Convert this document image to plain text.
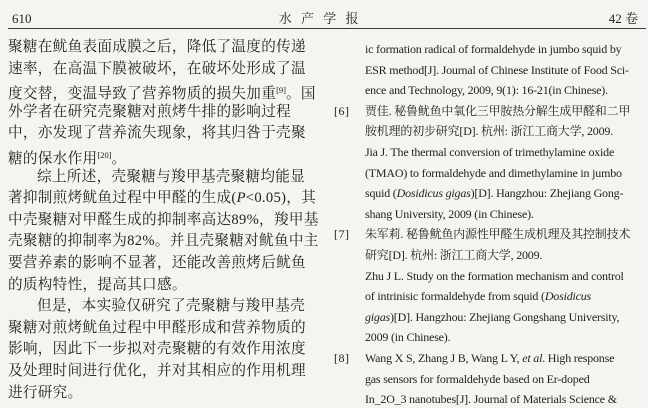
610	水 产 学 报	42 卷
聚糖在鱿鱼表面成膜之后，降低了温度的传递
速率，在高温下膜被破坏，在破坏处形成了温
度交替，变温导致了营养物质的损失加重[9]。国
外学者在研究壳聚糖对煎烤牛排的影响过程
中，亦发现了营养流失现象，将其归咎于壳聚
糖的保水作用[20]。
综上所述，壳聚糖与羧甲基壳聚糖均能显
著抑制煎烤鱿鱼过程中甲醛的生成(P<0.05)，其
中壳聚糖对甲醛生成的抑制率高达89%，羧甲基
壳聚糖的抑制率为82%。并且壳聚糖对鱿鱼中主
要营养素的影响不显著，还能改善煎烤后鱿鱼
的质构特性，提高其口感。
但是，本实验仅研究了壳聚糖与羧甲基壳
聚糖对煎烤鱿鱼过程中甲醛形成和营养物质的
影响，因此下一步拟对壳聚糖的有效作用浓度
及处理时间进行优化，并对其相应的作用机理
进行研究。
ic formation radical of formaldehyde in jumbo squid by
ESR method[J]. Journal of Chinese Institute of Food Sci-
ence and Technology, 2009, 9(1): 16-21(in Chinese).
[6]	贾佳. 秘鲁鱿鱼中氧化三甲胺热分解生成甲醛和二甲
胺机理的初步研究[D]. 杭州: 浙江工商大学, 2009.
Jia J. The thermal conversion of trimethylamine oxide
(TMAO) to formaldehyde and dimethylamine in jumbo
squid (Dosidicus gigas)[D]. Hangzhou: Zhejiang Gong-
shang University, 2009 (in Chinese).
[7]	朱军莉. 秘鲁鱿鱼内源性甲醛生成机理及其控制技术
研究[D]. 杭州: 浙江工商大学, 2009.
Zhu J L. Study on the formation mechanism and control
of intrinisic formaldehyde from squid (Dosidicus
gigas)[D]. Hangzhou: Zhejiang Gongshang University,
2009 (in Chinese).
[8]	Wang X S, Zhang J B, Wang L Y, et al. High response
gas sensors for formaldehyde based on Er-doped
In_2O_3 nanotubes[J]. Journal of Materials Science &
